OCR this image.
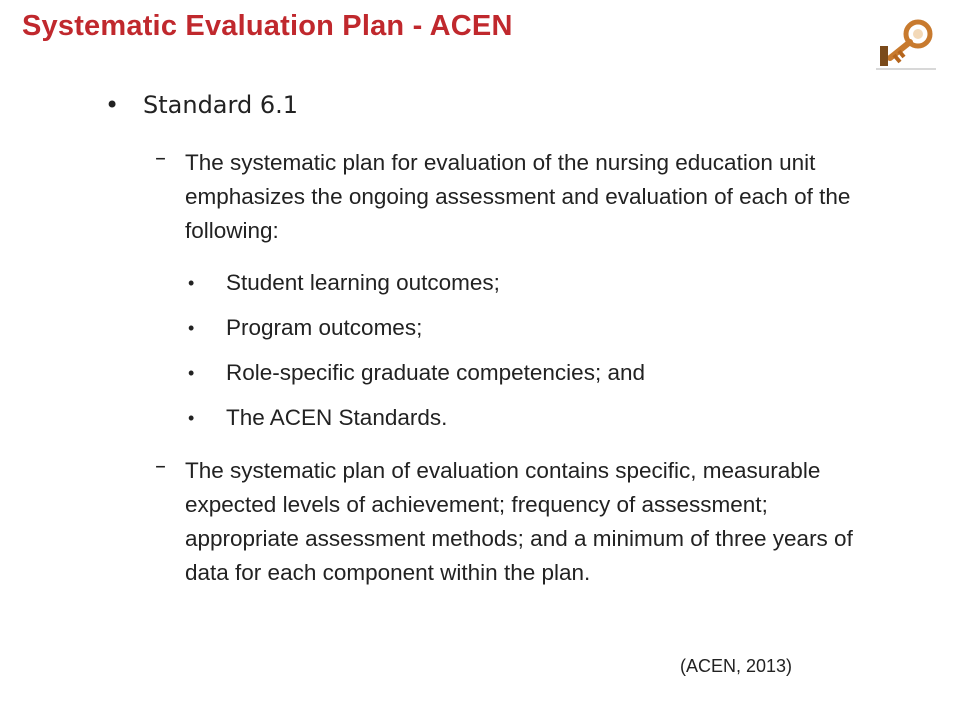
Systematic Evaluation Plan - ACEN
• Standard 6.1
– The systematic plan for evaluation of the nursing education unit emphasizes the ongoing assessment and evaluation of each of the following:
• Student learning outcomes;
• Program outcomes;
• Role-specific graduate competencies; and
• The ACEN Standards.
– The systematic plan of evaluation contains specific, measurable expected levels of achievement; frequency of assessment; appropriate assessment methods; and a minimum of three years of data for each component within the plan.
(ACEN, 2013)
